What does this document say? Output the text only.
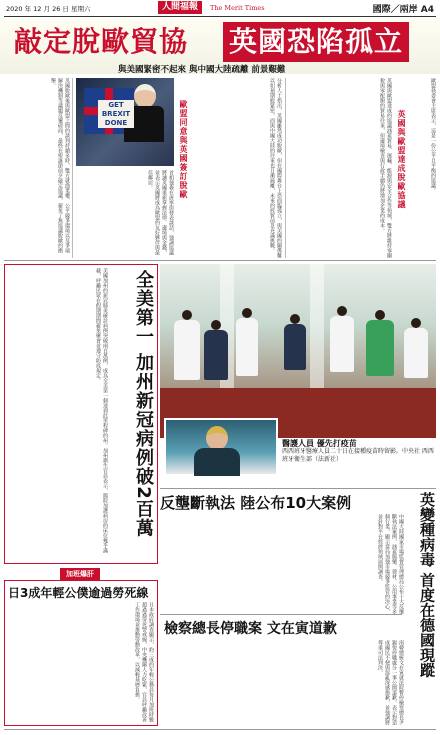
2020 年 12 月 26 日 星期六	人間福報	The Merit Times	國際／兩岸 A4
敲定脫歐貿協 英國恐陷孤立
與美國緊密不起來 與中國大陸疏離 前景艱難
英國脫歐後與歐盟之間的談判持續多時，雙方就漁業權、公平競爭環境以及爭端解決機制等議題反覆磋商，最終在聖誕節前夕敲定協議，避免了無協議脫歐的衝擊。
GET BREXIT DONE
首相強森在唐寧街發表談話，強調協議將讓英國重新掌握法律、邊境與金錢，並表示英國將成為歐盟的友好夥伴與最佳鄰居。	歐盟同意與英國簽訂脫歐	分析人士指出，英國雖然成功脫歐，但在國際舞台上恐面臨孤立，與美國的關係難以如預期般緊密，而與中國大陸的往來也日漸疏離，未來的經貿前景充滿挑戰。	英國與歐盟達成的協議涵蓋貿易、運輸、能源與安全合作等領域，雙方將維持零關稅與零配額的貿易往來，但邊境檢查與行政手續仍將增加企業的成本。	英國與歐盟達成脫歐協議	歐盟執委會主席表示，這是一份公平且平衡的協議。
全美第一 加州新冠病例破2百萬
美國加州的新冠肺炎確診病例突破兩百萬例，成為全美第一個達到此里程碑的州。加州衛生官員表示，醫院加護病房的床位幾乎滿載，呼籲民眾在假期期間避免聚會並遵守防疫規定。
醫護人員 優先打疫苗
西西班牙醫療人員二十日在接種疫苗時留影。中央社 西西班牙衛生部（法新社）
反壟斷執法 陸公布10大案例
中國大陸國家市場監督管理總局公布十大反壟斷執法案例，涵蓋醫藥、建材、公用事業等多個行業，顯示當局加強市場競爭監管的決心，並針對平台經濟領域展開調查。	英變種病毒 首度在德國現蹤
檢察總長停職案 文在寅道歉
南韓總統文在寅就法院暫停檢察總長尹錫悅停職處分一事公開道歉，表示對造成國民不便與混亂深感抱歉，並強調將尊重司法判決。
加班爆肝
日3成年輕公僕逾過勞死線
日本政府調查顯示，約三成的年輕公務員每月加班時數超過過勞死警戒線，中央機關人力吃緊，官員呼籲改善工作環境並推動勞動改革，以減輕基層負擔。
